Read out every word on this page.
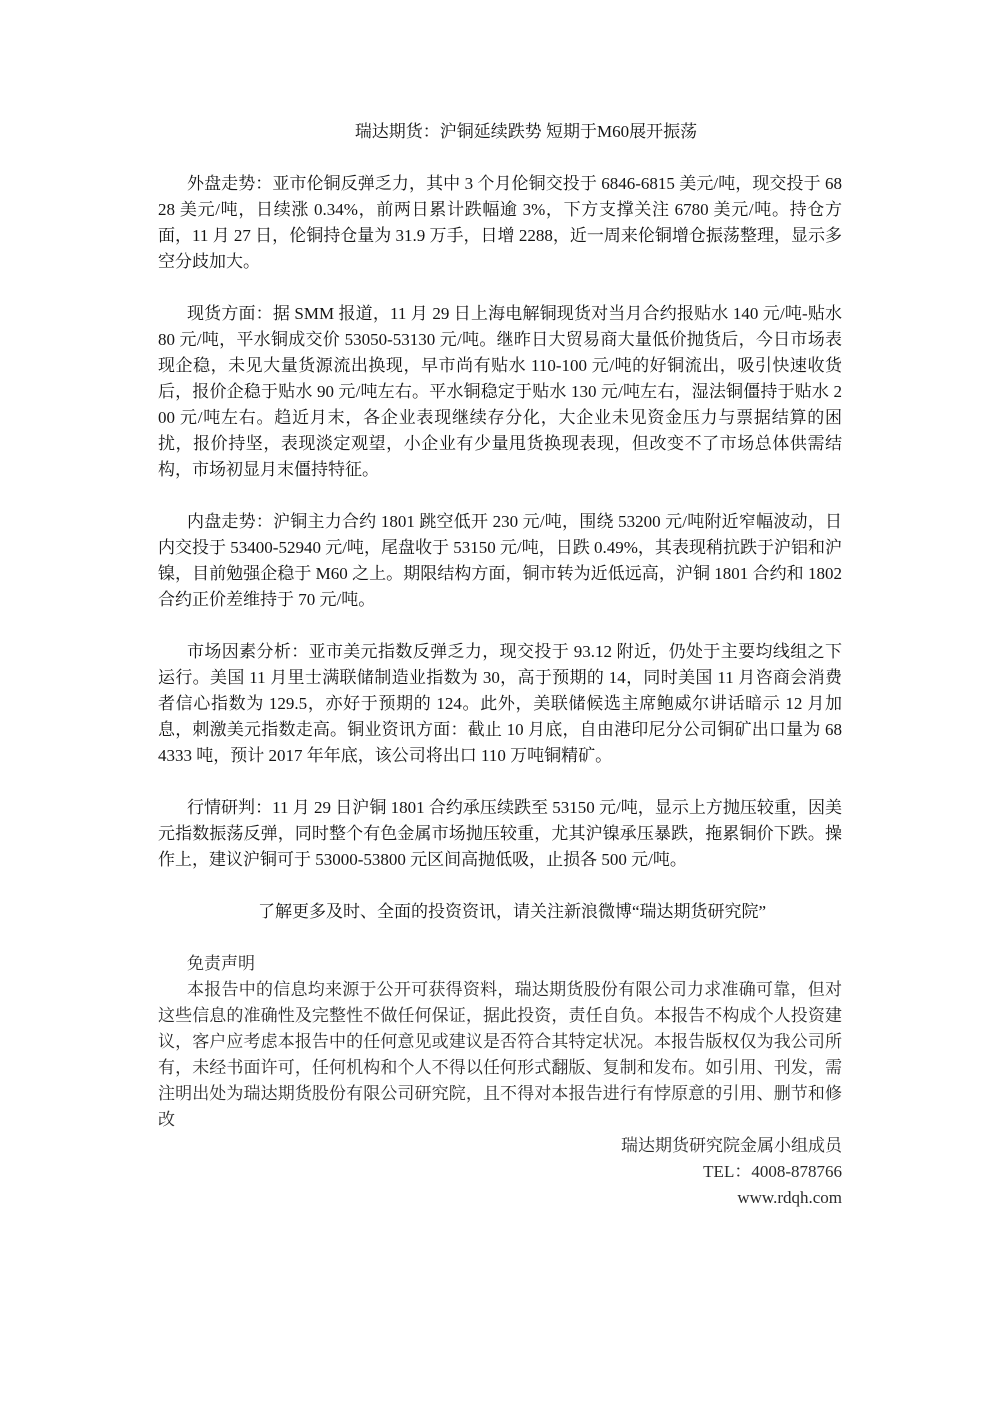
瑞达期货：沪铜延续跌势 短期于M60展开振荡

外盘走势：亚市伦铜反弹乏力，其中 3 个月伦铜交投于 6846-6815 美元/吨，现交投于 6828 美元/吨，日续涨 0.34%，前两日累计跌幅逾 3%，下方支撑关注 6780 美元/吨。持仓方面，11 月 27 日，伦铜持仓量为 31.9 万手，日增 2288，近一周来伦铜增仓振荡整理，显示多空分歧加大。

现货方面：据 SMM 报道，11 月 29 日上海电解铜现货对当月合约报贴水 140 元/吨-贴水 80 元/吨，平水铜成交价 53050-53130 元/吨。继昨日大贸易商大量低价抛货后，今日市场表现企稳，未见大量货源流出换现，早市尚有贴水 110-100 元/吨的好铜流出，吸引快速收货后，报价企稳于贴水 90 元/吨左右。平水铜稳定于贴水 130 元/吨左右，湿法铜僵持于贴水 200 元/吨左右。趋近月末，各企业表现继续存分化，大企业未见资金压力与票据结算的困扰，报价持坚，表现淡定观望，小企业有少量甩货换现表现，但改变不了市场总体供需结构，市场初显月末僵持特征。

内盘走势：沪铜主力合约 1801 跳空低开 230 元/吨，围绕 53200 元/吨附近窄幅波动，日内交投于 53400-52940 元/吨，尾盘收于 53150 元/吨，日跌 0.49%，其表现稍抗跌于沪铝和沪镍，目前勉强企稳于 M60 之上。期限结构方面，铜市转为近低远高，沪铜 1801 合约和 1802 合约正价差维持于 70 元/吨。

市场因素分析：亚市美元指数反弹乏力，现交投于 93.12 附近，仍处于主要均线组之下运行。美国 11 月里士满联储制造业指数为 30，高于预期的 14，同时美国 11 月咨商会消费者信心指数为 129.5，亦好于预期的 124。此外，美联储候选主席鲍威尔讲话暗示 12 月加息，刺激美元指数走高。铜业资讯方面：截止 10 月底，自由港印尼分公司铜矿出口量为 684333 吨，预计 2017 年年底，该公司将出口 110 万吨铜精矿。

行情研判：11 月 29 日沪铜 1801 合约承压续跌至 53150 元/吨，显示上方抛压较重，因美元指数振荡反弹，同时整个有色金属市场抛压较重，尤其沪镍承压暴跌，拖累铜价下跌。操作上，建议沪铜可于 53000-53800 元区间高抛低吸，止损各 500 元/吨。

了解更多及时、全面的投资资讯，请关注新浪微博“瑞达期货研究院”

免责声明

本报告中的信息均来源于公开可获得资料，瑞达期货股份有限公司力求准确可靠，但对这些信息的准确性及完整性不做任何保证，据此投资，责任自负。本报告不构成个人投资建议，客户应考虑本报告中的任何意见或建议是否符合其特定状况。本报告版权仅为我公司所有，未经书面许可，任何机构和个人不得以任何形式翻版、复制和发布。如引用、刊发，需注明出处为瑞达期货股份有限公司研究院，且不得对本报告进行有悖原意的引用、删节和修改

瑞达期货研究院金属小组成员
TEL：4008-878766
www.rdqh.com
